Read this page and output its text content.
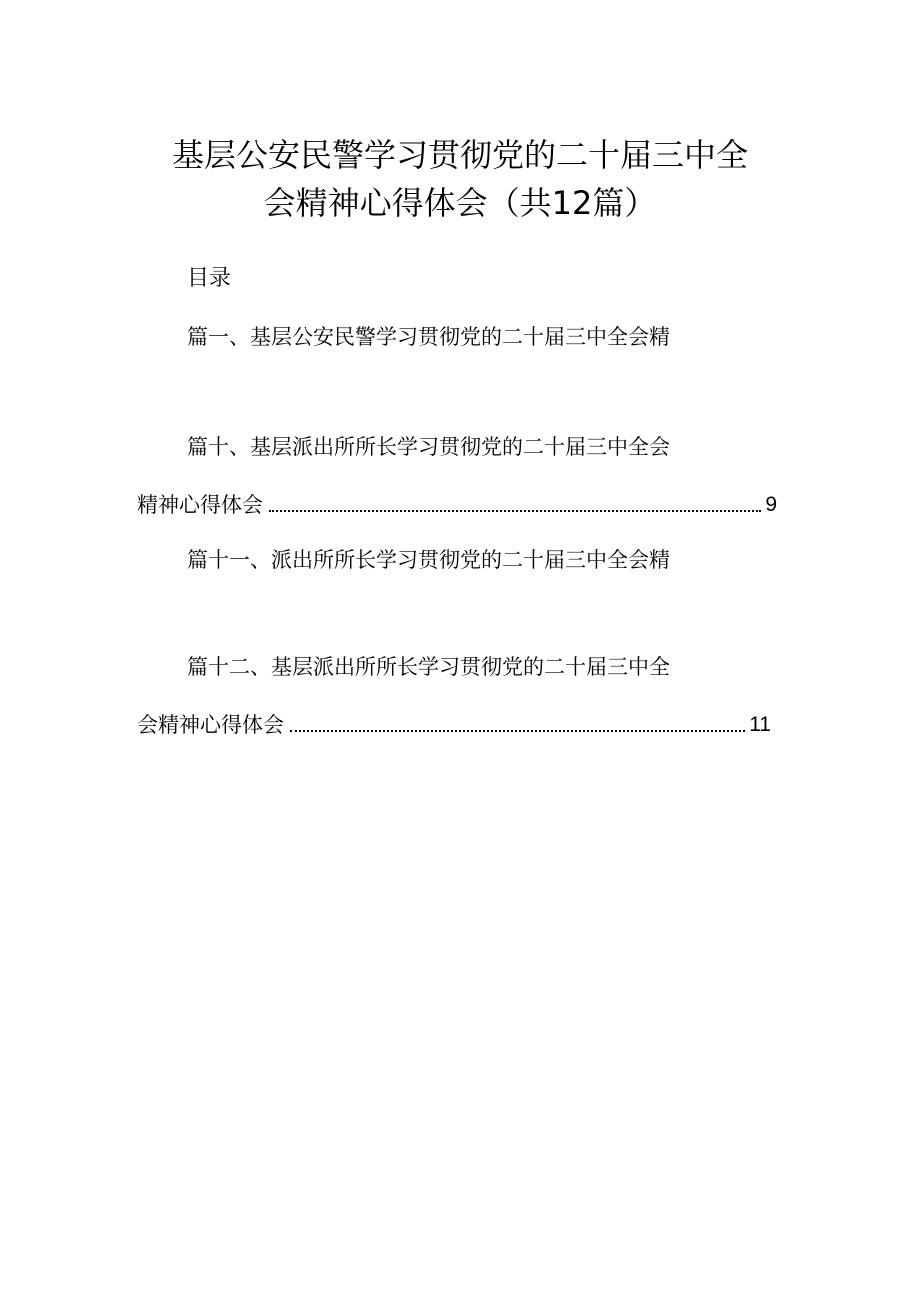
基层公安民警学习贯彻党的二十届三中全
会精神心得体会（共12篇）
目录
篇一、基层公安民警学习贯彻党的二十届三中全会精
篇十、基层派出所所长学习贯彻党的二十届三中全会
精神心得体会	9
篇十一、派出所所长学习贯彻党的二十届三中全会精
篇十二、基层派出所所长学习贯彻党的二十届三中全
会精神心得体会	11
